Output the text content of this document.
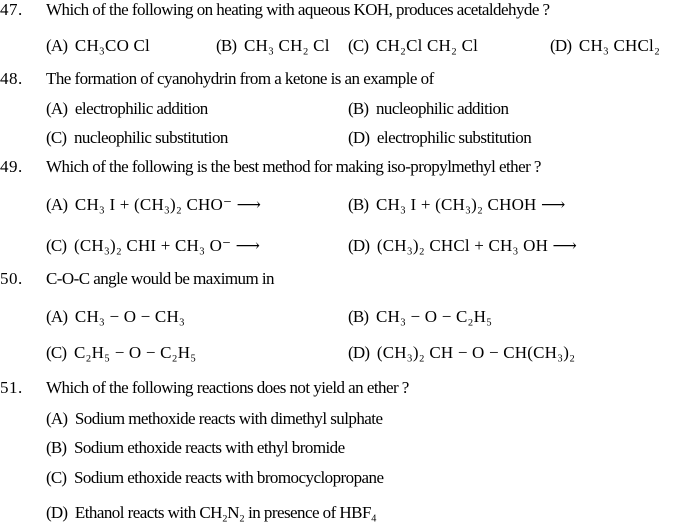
47.	Which of the following on heating with aqueous KOH, produces acetaldehyde ?
(A) CH₃CO Cl	(B) CH₃ CH₂ Cl (C) CH₂Cl CH₂ Cl	(D) CH₃ CHCl₂
48.	The formation of cyanohydrin from a ketone is an example of
(A) electrophilic addition	(B) nucleophilic addition
(C) nucleophilic substitution	(D) electrophilic substitution
49.	Which of the following is the best method for making iso-propylmethyl ether ?
(A) CH₃ I + (CH₃)₂ CHO⁻ ⟶	(B) CH₃ I + (CH₃)₂ CHOH ⟶
(C) (CH₃)₂ CHI + CH₃ O⁻ ⟶	(D) (CH₃)₂ CHCl + CH₃ OH ⟶
50.	C-O-C angle would be maximum in
(A) CH₃ − O − CH₃	(B) CH₃ − O − C₂H₅
(C) C₂H₅ − O − C₂H₅	(D) (CH₃)₂ CH − O − CH(CH₃)₂
51.	Which of the following reactions does not yield an ether ?
(A) Sodium methoxide reacts with dimethyl sulphate
(B) Sodium ethoxide reacts with ethyl bromide
(C) Sodium ethoxide reacts with bromocyclopropane
(D) Ethanol reacts with CH₂N₂ in presence of HBF₄
